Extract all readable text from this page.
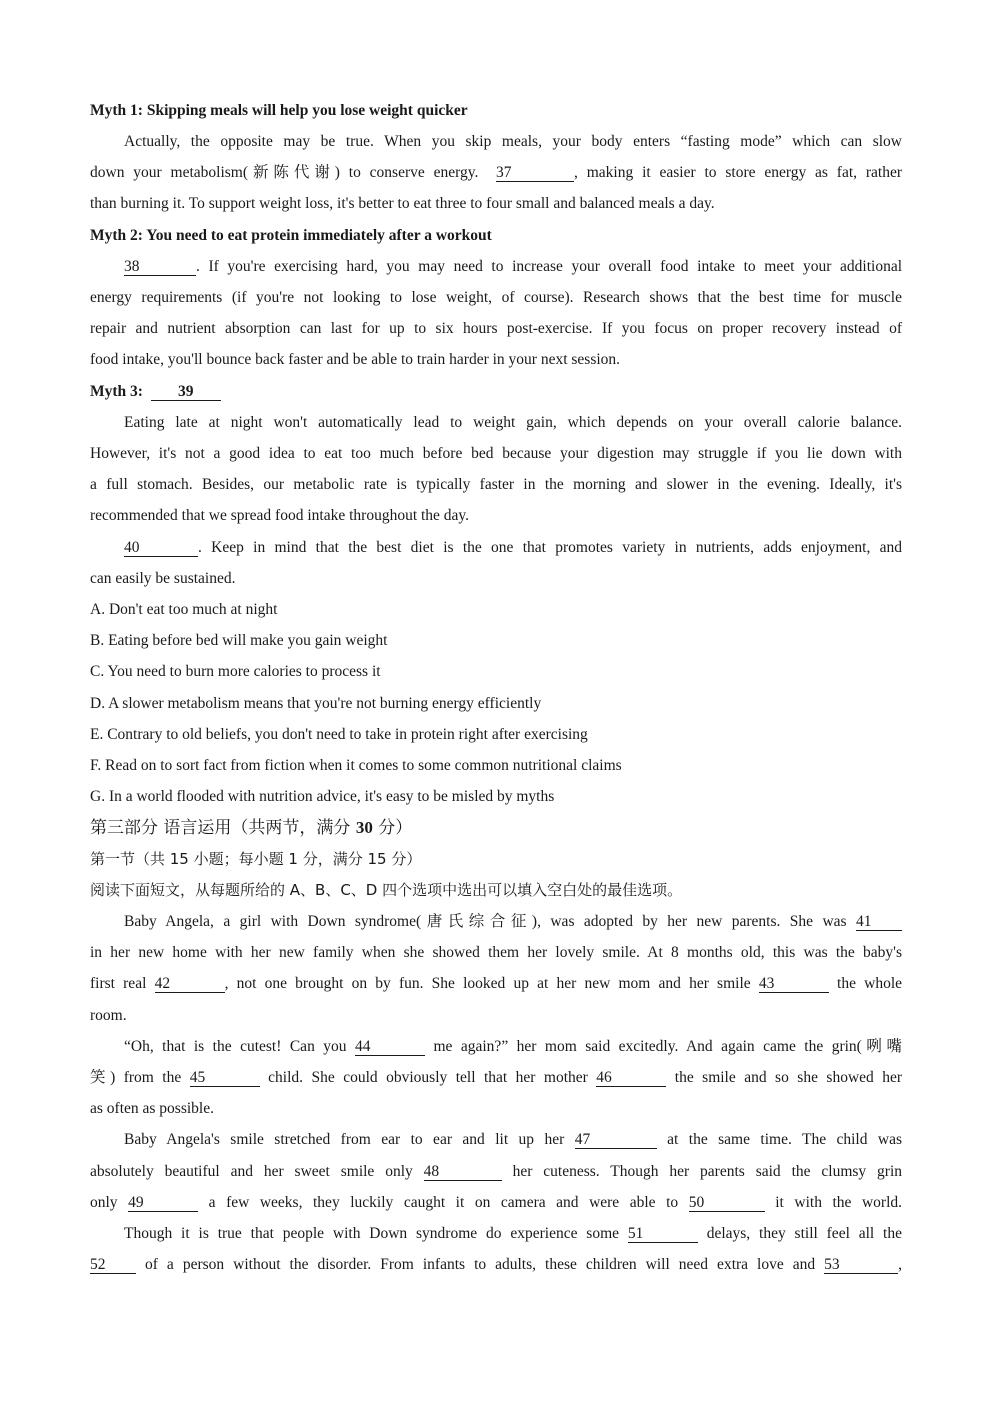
Myth 1: Skipping meals will help you lose weight quicker
Actually, the opposite may be true. When you skip meals, your body enters “fasting mode” which can slow
down your metabolism(新陈代谢) to conserve energy. 37	, making it easier to store energy as fat, rather
than burning it. To support weight loss, it's better to eat three to four small and balanced meals a day.
Myth 2: You need to eat protein immediately after a workout
38	. If you're exercising hard, you may need to increase your overall food intake to meet your additional
energy requirements (if you're not looking to lose weight, of course). Research shows that the best time for muscle
repair and nutrient absorption can last for up to six hours post-exercise. If you focus on proper recovery instead of
food intake, you'll bounce back faster and be able to train harder in your next session.
Myth 3: 39
Eating late at night won't automatically lead to weight gain, which depends on your overall calorie balance.
However, it's not a good idea to eat too much before bed because your digestion may struggle if you lie down with
a full stomach. Besides, our metabolic rate is typically faster in the morning and slower in the evening. Ideally, it's
recommended that we spread food intake throughout the day.
40	. Keep in mind that the best diet is the one that promotes variety in nutrients, adds enjoyment, and
can easily be sustained.
A. Don't eat too much at night
B. Eating before bed will make you gain weight
C. You need to burn more calories to process it
D. A slower metabolism means that you're not burning energy efficiently
E. Contrary to old beliefs, you don't need to take in protein right after exercising
F. Read on to sort fact from fiction when it comes to some common nutritional claims
G. In a world flooded with nutrition advice, it's easy to be misled by myths
第三部分 语言运用（共两节，满分 30 分）
第一节（共 15 小题；每小题 1 分，满分 15 分）
阅读下面短文，从每题所给的 A、B、C、D 四个选项中选出可以填入空白处的最佳选项。
Baby Angela, a girl with Down syndrome(唐氏综合征), was adopted by her new parents. She was 41
in her new home with her new family when she showed them her lovely smile. At 8 months old, this was the baby's
first real 42	, not one brought on by fun. She looked up at her new mom and her smile 43	the whole
room.
“Oh, that is the cutest! Can you 44	me again?” her mom said excitedly. And again came the grin(咧嘴
笑) from the 45	child. She could obviously tell that her mother 46	the smile and so she showed her
as often as possible.
Baby Angela's smile stretched from ear to ear and lit up her 47	at the same time. The child was
absolutely beautiful and her sweet smile only 48	her cuteness. Though her parents said the clumsy grin
only 49	a few weeks, they luckily caught it on camera and were able to 50	it with the world.
Though it is true that people with Down syndrome do experience some 51	delays, they still feel all the
52	of a person without the disorder. From infants to adults, these children will need extra love and 53	,
